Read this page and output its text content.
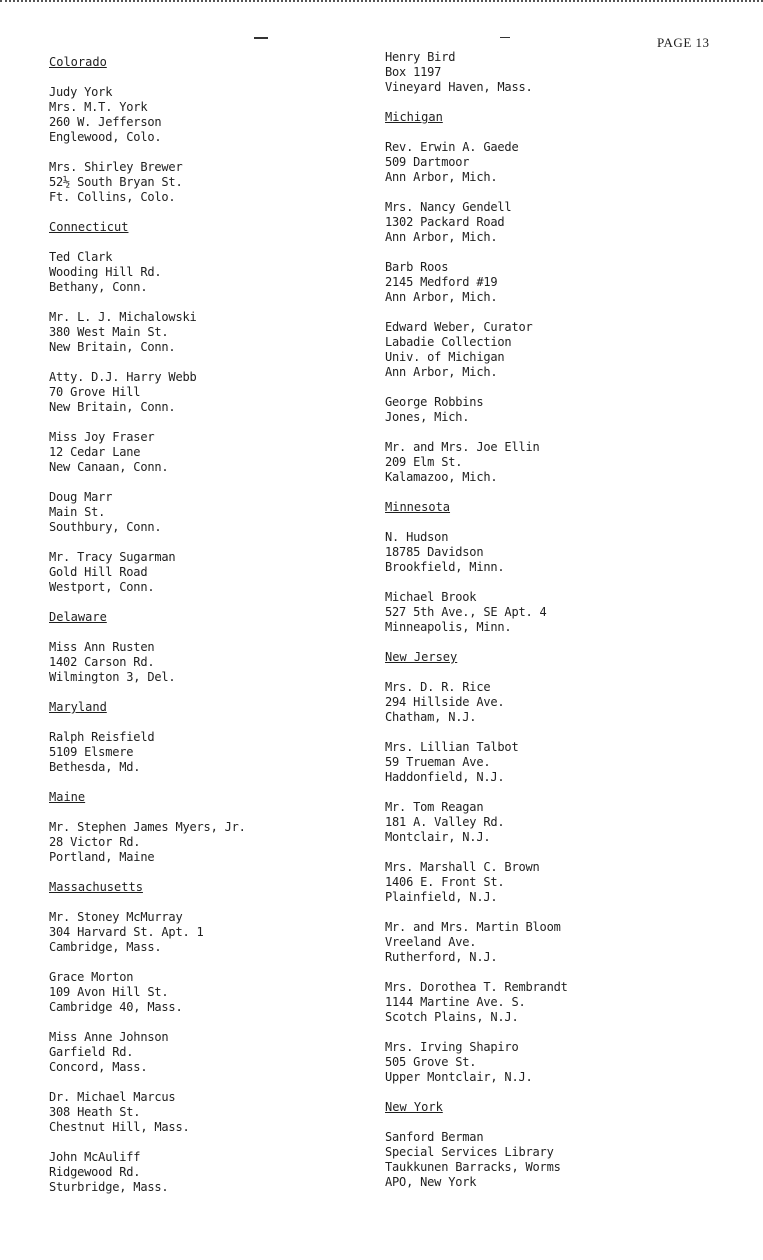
PAGE 13
Colorado
Judy York
Mrs. M.T. York
260 W. Jefferson
Englewood, Colo.
Mrs. Shirley Brewer
52½ South Bryan St.
Ft. Collins, Colo.
Connecticut
Ted Clark
Wooding Hill Rd.
Bethany, Conn.
Mr. L. J. Michalowski
380 West Main St.
New Britain, Conn.
Atty. D.J. Harry Webb
70 Grove Hill
New Britain, Conn.
Miss Joy Fraser
12 Cedar Lane
New Canaan, Conn.
Doug Marr
Main St.
Southbury, Conn.
Mr. Tracy Sugarman
Gold Hill Road
Westport, Conn.
Delaware
Miss Ann Rusten
1402 Carson Rd.
Wilmington 3, Del.
Maryland
Ralph Reisfield
5109 Elsmere
Bethesda, Md.
Maine
Mr. Stephen James Myers, Jr.
28 Victor Rd.
Portland, Maine
Massachusetts
Mr. Stoney McMurray
304 Harvard St. Apt. 1
Cambridge, Mass.
Grace Morton
109 Avon Hill St.
Cambridge 40, Mass.
Miss Anne Johnson
Garfield Rd.
Concord, Mass.
Dr. Michael Marcus
308 Heath St.
Chestnut Hill, Mass.
John McAuliff
Ridgewood Rd.
Sturbridge, Mass.
Henry Bird
Box 1197
Vineyard Haven, Mass.
Michigan
Rev. Erwin A. Gaede
509 Dartmoor
Ann Arbor, Mich.
Mrs. Nancy Gendell
1302 Packard Road
Ann Arbor, Mich.
Barb Roos
2145 Medford #19
Ann Arbor, Mich.
Edward Weber, Curator
Labadie Collection
Univ. of Michigan
Ann Arbor, Mich.
George Robbins
Jones, Mich.
Mr. and Mrs. Joe Ellin
209 Elm St.
Kalamazoo, Mich.
Minnesota
N. Hudson
18785 Davidson
Brookfield, Minn.
Michael Brook
527 5th Ave., SE Apt. 4
Minneapolis, Minn.
New Jersey
Mrs. D. R. Rice
294 Hillside Ave.
Chatham, N.J.
Mrs. Lillian Talbot
59 Trueman Ave.
Haddonfield, N.J.
Mr. Tom Reagan
181 A. Valley Rd.
Montclair, N.J.
Mrs. Marshall C. Brown
1406 E. Front St.
Plainfield, N.J.
Mr. and Mrs. Martin Bloom
Vreeland Ave.
Rutherford, N.J.
Mrs. Dorothea T. Rembrandt
1144 Martine Ave. S.
Scotch Plains, N.J.
Mrs. Irving Shapiro
505 Grove St.
Upper Montclair, N.J.
New York
Sanford Berman
Special Services Library
Taukkunen Barracks, Worms
APO, New York
